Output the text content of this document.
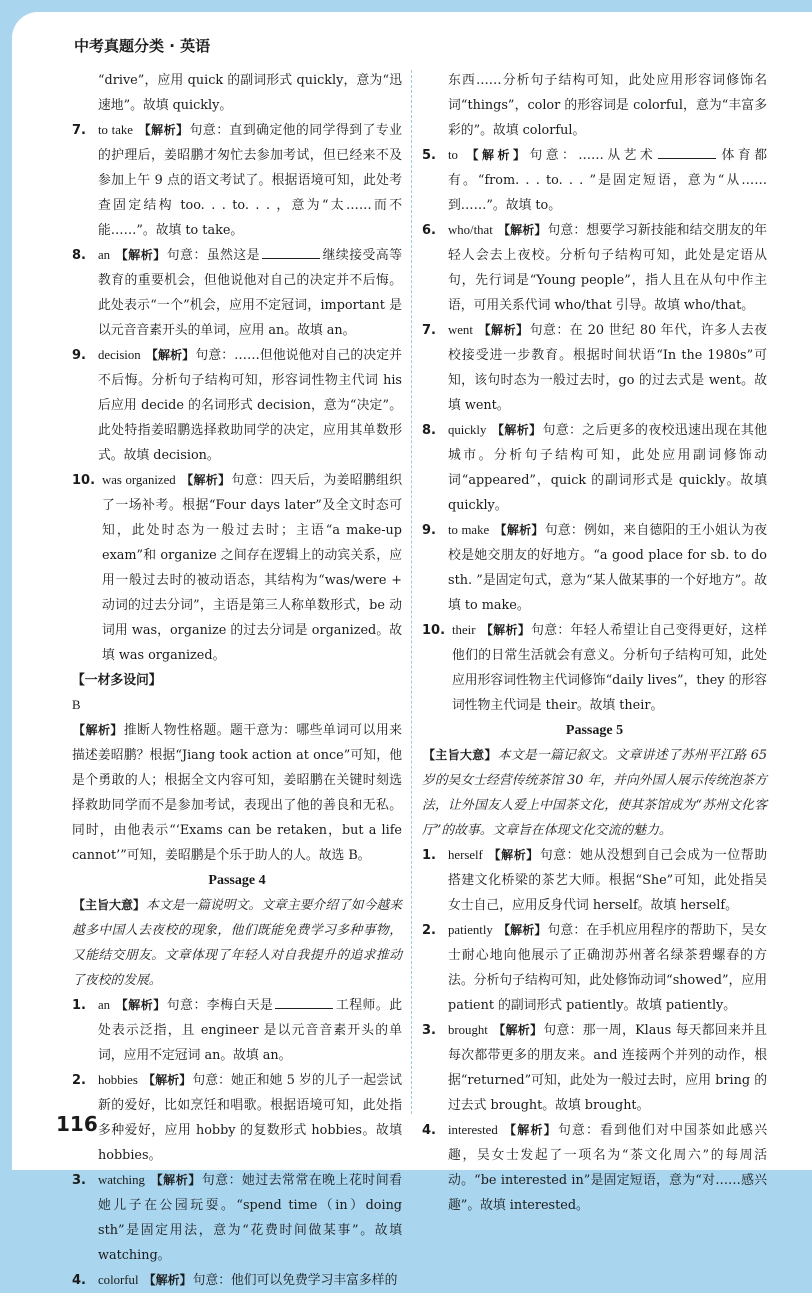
中考真题分类 · 英语

“drive”，应用 quick 的副词形式 quickly，意为“迅速地”。故填 quickly。

7. to take 【解析】句意：直到确定他的同学得到了专业的护理后，姜昭鹏才匆忙去参加考试，但已经来不及参加上午 9 点的语文考试了。根据语境可知，此处考查固定结构 too. . . to. . . ，意为“太……而不能……”。故填 to take。
8. an 【解析】句意：虽然这是	继续接受高等教育的重要机会，但他说他对自己的决定并不后悔。此处表示“一个”机会，应用不定冠词，important 是以元音音素开头的单词，应用 an。故填 an。
9. decision 【解析】句意：……但他说他对自己的决定并不后悔。分析句子结构可知，形容词性物主代词 his 后应用 decide 的名词形式 decision，意为“决定”。此处特指姜昭鹏选择救助同学的决定，应用其单数形式。故填 decision。
10. was organized 【解析】句意：四天后，为姜昭鹏组织了一场补考。根据“Four days later”及全文时态可知，此处时态为一般过去时；主语“a make-up exam”和 organize 之间存在逻辑上的动宾关系，应用一般过去时的被动语态，其结构为“was/were + 动词的过去分词”，主语是第三人称单数形式，be 动词用 was，organize 的过去分词是 organized。故填 was organized。

【一材多设问】

B

【解析】推断人物性格题。题干意为：哪些单词可以用来描述姜昭鹏？根据“Jiang took action at once”可知，他是个勇敢的人；根据全文内容可知，姜昭鹏在关键时刻选择救助同学而不是参加考试，表现出了他的善良和无私。同时，由他表示“‘Exams can be retaken，but a life cannot’”可知，姜昭鹏是个乐于助人的人。故选 B。

Passage 4

【主旨大意】本文是一篇说明文。文章主要介绍了如今越来越多中国人去夜校的现象，他们既能免费学习多种事物，又能结交朋友。文章体现了年轻人对自我提升的追求推动了夜校的发展。

1. an 【解析】句意：李梅白天是	工程师。此处表示泛指，且 engineer 是以元音音素开头的单词，应用不定冠词 an。故填 an。
2. hobbies 【解析】句意：她正和她 5 岁的儿子一起尝试新的爱好，比如烹饪和唱歌。根据语境可知，此处指多种爱好，应用 hobby 的复数形式 hobbies。故填 hobbies。
3. watching 【解析】句意：她过去常常在晚上花时间看她儿子在公园玩耍。“spend time（in）doing sth”是固定用法，意为“花费时间做某事”。故填 watching。
4. colorful 【解析】句意：他们可以免费学习丰富多样的

东西……分析句子结构可知，此处应用形容词修饰名词“things”，color 的形容词是 colorful，意为“丰富多彩的”。故填 colorful。

5. to 【解析】句意：……从艺术	体育都有。“from. . . to. . . ”是固定短语，意为“从……到……”。故填 to。
6. who/that 【解析】句意：想要学习新技能和结交朋友的年轻人会去上夜校。分析句子结构可知，此处是定语从句，先行词是“Young people”，指人且在从句中作主语，可用关系代词 who/that 引导。故填 who/that。
7. went 【解析】句意：在 20 世纪 80 年代，许多人去夜校接受进一步教育。根据时间状语“In the 1980s”可知，该句时态为一般过去时，go 的过去式是 went。故填 went。
8. quickly 【解析】句意：之后更多的夜校迅速出现在其他城市。分析句子结构可知，此处应用副词修饰动词“appeared”，quick 的副词形式是 quickly。故填 quickly。
9. to make 【解析】句意：例如，来自德阳的王小姐认为夜校是她交朋友的好地方。“a good place for sb. to do sth. ”是固定句式，意为“某人做某事的一个好地方”。故填 to make。
10. their 【解析】句意：年轻人希望让自己变得更好，这样他们的日常生活就会有意义。分析句子结构可知，此处应用形容词性物主代词修饰“daily lives”，they 的形容词性物主代词是 their。故填 their。

Passage 5

【主旨大意】本文是一篇记叙文。文章讲述了苏州平江路 65 岁的吴女士经营传统茶馆 30 年，并向外国人展示传统泡茶方法，让外国友人爱上中国茶文化，使其茶馆成为“苏州文化客厅”的故事。文章旨在体现文化交流的魅力。

1. herself 【解析】句意：她从没想到自己会成为一位帮助搭建文化桥梁的茶艺大师。根据“She”可知，此处指吴女士自己，应用反身代词 herself。故填 herself。
2. patiently 【解析】句意：在手机应用程序的帮助下，吴女士耐心地向他展示了正确沏苏州著名绿茶碧螺春的方法。分析句子结构可知，此处修饰动词“showed”，应用 patient 的副词形式 patiently。故填 patiently。
3. brought 【解析】句意：那一周，Klaus 每天都回来并且每次都带更多的朋友来。and 连接两个并列的动作，根据“returned”可知，此处为一般过去时，应用 bring 的过去式 brought。故填 brought。
4. interested 【解析】句意：看到他们对中国茶如此感兴趣，吴女士发起了一项名为“茶文化周六”的每周活动。“be interested in”是固定短语，意为“对……感兴趣”。故填 interested。
116
